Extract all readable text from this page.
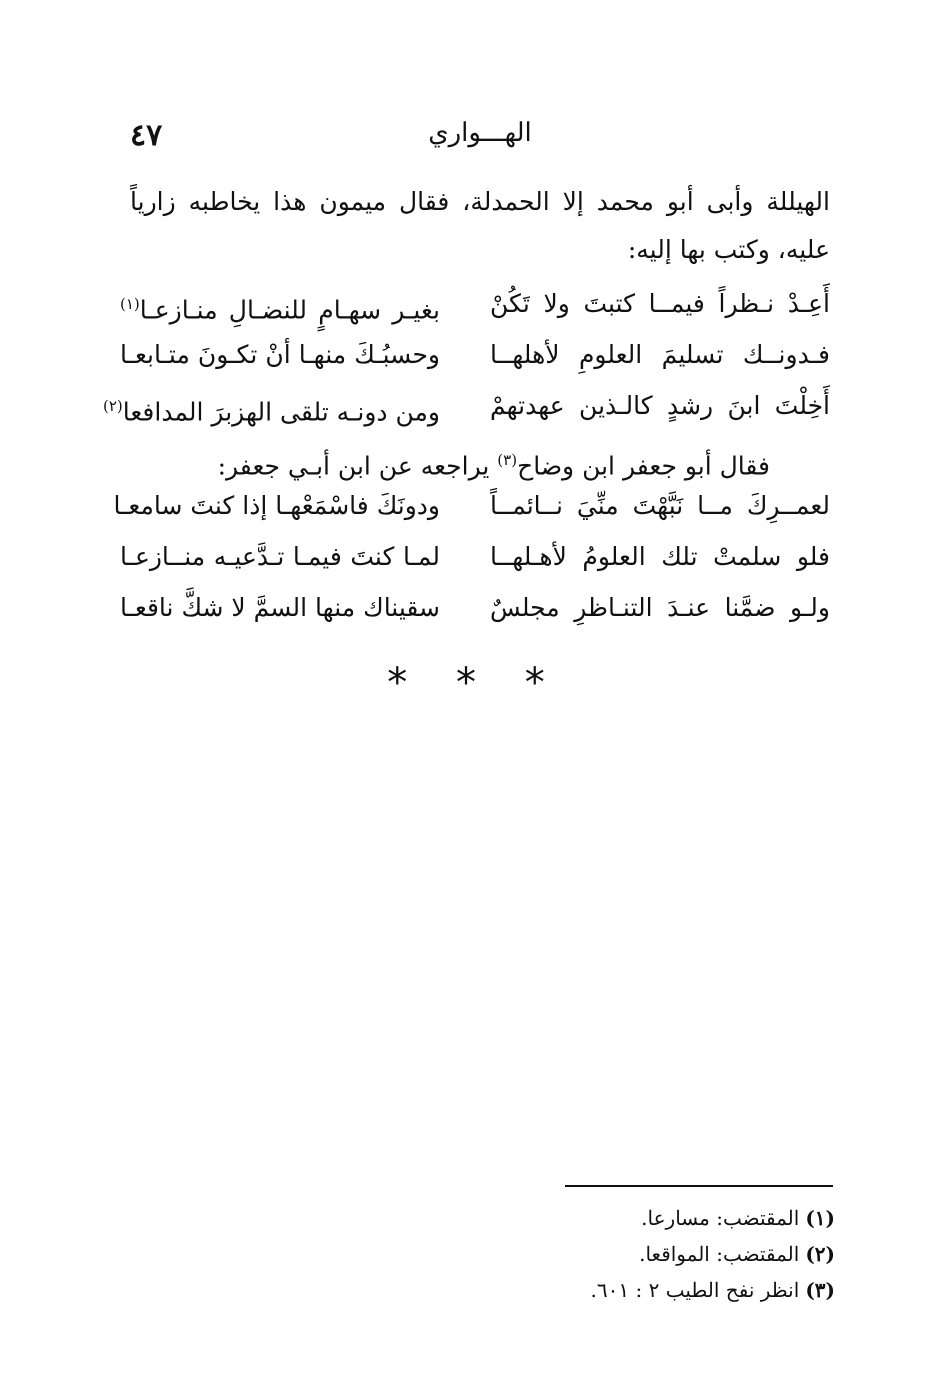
الهـــواري
٤٧

الهيللة وأبى أبو محمد إلا الحمدلة، فقال ميمون هذا يخاطبه زارياً عليه، وكتب بها إليه:

أَعِـدْ نـظراً فيمــا كتبتَ ولا تَكُنْ
بغيـر سهـامٍ للنضـالِ منـازعـا$^{(١)}$
فـدونــك تسليمَ العلومِ لأهلهــا
وحسبُـكَ منهـا أنْ تكـونَ متـابعـا
أَخِلْتَ ابنَ رشدٍ كالـذين عهدتهمْ
ومن دونـه تلقى الهزبرَ المدافعا$^{(٢)}$

فقال أبو جعفر ابن وضاح$^{(٣)}$ يراجعه عن ابن أبـي جعفر:

لعمــرِكَ مــا نَبَّهْتَ منِّيَ نــائمــاً
ودونَكَ فاسْمَعْهـا إذا كنتَ سامعـا
فلو سلمتْ تلك العلومُ لأهـلهــا
لمـا كنتَ فيمـا تـدَّعيـه منــازعـا
ولـو ضمَّنا عنـدَ التنـاظرِ مجلسٌ
سقيناك منها السمَّ لا شكَّ ناقعـا
* * *
(١)المقتضب: مسارعا.
(٢)المقتضب: المواقعا.
(٣)انظر نفح الطيب ٢ : ٦٠١.
